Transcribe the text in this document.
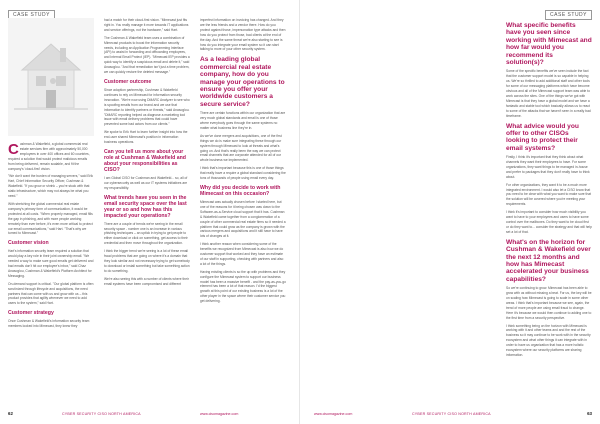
CASE STUDY
C ushman & Wakefield, a global commercial real estate services firm with approximately 50,000 employees in over 400 offices and 60 countries, required a solution that would protect malicious emails from being delivered, remain scalable, and fit the company's 'cloud-first' vision.

"We don't want the burden of managing servers," said Erik Hart, Chief Information Security Officer, Cushman & Wakefield. "If you grow or shrink – you're stuck with that static infrastructure, which may not always be what you need."

With stretching the global commercial real estate company's primary form of communication, it would be protected at all costs. "When properly managed, email fills the gap in phishing, and with more people working remotely than ever before, it's even more critical to protect our email communications," said Hart. "That's why we turned to Mimecast."

Customer vision

Hart's information security team required a solution that would play a key role in their joint ownership email. "We needed a way to make sure good emails get delivered and bad emails don't hit our employee's inbox," said Chaz Anasoglou, Cushman & Wakefield's Platform Architect for Messaging.

On-demand support is critical. "Our global platform is often scrutinized through lifecycle and acquisitions, the need partners that can come with us and grow with us – this product provides that agility whenever we need to add users to the system," said Hart.

Customer strategy

Once Cushman & Wakefield's information security team members looked into Mimecast, they knew they

had a match for their cloud-first vision. "Mimecast just fits right in. You really manage it more towards IT applications and service offerings, not the hardware," said Hart.

The Cushman & Wakefield team uses a combination of Mimecast products to boost the information security needs, including an Application Programming Interface (API) to assist in forwarding and offboarding employees, and Internal Email Protect (IEP). "Mimecast IEP provides a quick way to identify a suspicious email and delete it," said Anasoglou. "And that remediation isn't just a time problem, we can quickly restore the deleted message."

Customer outcome

Since adoption partnership, Cushman & Wakefield continues to rely on Mimecast for information security innovation. "We're now using DMARC Analyzer to see who is spoofing emails from our brand and we use that information to identify partners or threats," said Anasoglou. "DMARC reporting helped us diagnose a marketing tool issue with email delivery problems that could have prevented some bad actors from our clients."

We spoke to Erik Hart to learn further insight into how the end-user shared Mimecast's position in information business operations.

Can you tell us more about your role at Cushman & Wakefield and about your responsibilities as CISO?

I am Global CISO for Cushman and Wakefield... so, all of our cybersecurity as well as our IT systems initiatives are my responsibility.

What trends have you seen in the email security space over the last year or so and how has this impacted your operations?

There are a couple of trends we're seeing in the email security space - number one is an increase in various phishing techniques – an uptick in trying to get people to either download or click on something, get access to their credential and then move throughout the organization.

I think the bigger trend we're seeing is a lot of these email fraud problems that are going on where it's a domain that they look similar and not necessary trying to get somebody to download or install something but take something action to do something.

We're also seeing this with a number of clients where their email systems have been compromised and different

imperfect information on invoicing has changed. And they are the less friends and a vendor there. How do you protect against those, impersonation type attacks and then how do you protect from those, bad clients at the end of the day. And the same threat we're also starting to see is how do you integrate your email system so it can start talking to more of your other security system.

As a leading global commercial real estate company, how do you manage your operations to ensure you offer your worldwide customers a secure service?

There are certain functions within our organization that are very much global standards and email is one of those where everybody goes through the same systems no matter what business line they're in.

As we've done mergers and acquisitions, one of the first things we do is make sure integrating these through our system through Mimecast to look at threats and what's going on. And that's really been the way we can protect email channels that are corporate attended for all of our whole business we implemented.

I think that's important because this is one of those things that really have a require a global standard considering the tons of thousands of people using email every day.

Why did you decide to work with Mimecast on this occasion?

Mimecast was actually chosen before I started here, but one of the reasons for it being chosen was down to the Software-as-a-Service cloud support that it has. Cushman & Wakefield came together from a conglomeration of a couple of other commercial real estate firms so it needed a platform that could grow as the company is grown with the various mergers and acquisitions and it still have to have lots of changes at it.

I think another reason when considering some of the benefits we recognized from Mimecast is also how we do customer support that worked and they have an estimate of our staff in supporting, checking with partners and also a lot of the things.

Having existing clients is so the up with problems and they configure the Mimecast system to support our business model has been a massive benefit - and the pay-as-you-go element has been a lot of that reason. I'd the biggest growth at this point of our existing business is a lot of the other player in the space where their customer service you get delivering.

62	CYBER SECURITY CISO NORTH AMERICA	www.cisomagazine.com
CASE STUDY
What specific benefits have you seen since working with Mimecast and how far would you recommend its solution(s)?

Some of the specific benefits we've seen include the fact that the customer support model is so capable in helping us. We're so thrilled to add additional staff and other tools for some of our messaging platforms which have become obvious and all of the Mimecast support team was able to work across the sites. One of the things we've got with Mimecast is that they have a global model and we have a fantastic and stable tool which basically allows us to react to some of the attacks that we haven't seen in a really bad timeframe.

What advice would you offer to other CISOs looking to protect their email systems?

Firstly, I think it's important that they think about what channels they want their employees to have. For some organizations, they want things to be managed in-house and prefer to packages that they don't really have to think about.

For other organizations, they want it to be a much more integrated environment. I would also let a CISO know that you need to be clear with what you want to make sure that the solution will be covered where you're meeting your requirements.

I think it's important to consider how much visibility you want to have to your employees and users to have some control over the mailboxes. Do they want to be cloud first or do they want to... consider the strategy and that will help set a lot of that.

What's on the horizon for Cushman & Wakefield over the next 12 months and how has Mimecast accelerated your business capabilities?

So we're continuing to grow. Mimecast has been able to grow with us without missing a beat. For us, the key will be on scaling how Mimecast is going to scale in some other areas. I think that's important because we see, again, the trend of more people are using email fraud to change. Here it's because we would then continue to adding one to the first time from a security perspective.

I think something being on the horizon with Mimecast is working with it and other teams and and the rest of the business so it may continue to be work with in the security ecosystem and what other things it can integrate with in order to have us organization that has a more holistic ecosystem where our security platforms are sharing information.

www.cisomagazine.com	CYBER SECURITY CISO NORTH AMERICA	63
